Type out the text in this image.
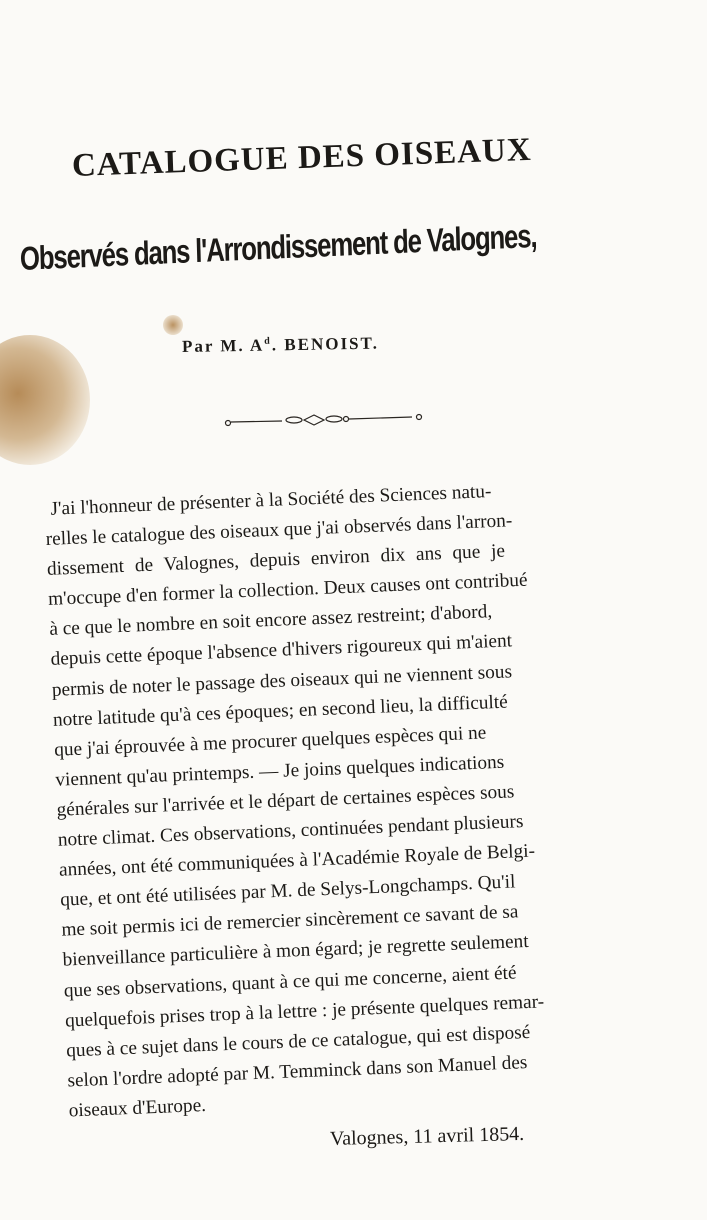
CATALOGUE DES OISEAUX
Observés dans l'Arrondissement de Valognes,
Par M. $A^d$. BENOIST.
J'ai l'honneur de présenter à la Société des Sciences natu-
relles le catalogue des oiseaux que j'ai observés dans l'arron-
dissement de Valognes, depuis environ dix ans que je
m'occupe d'en former la collection. Deux causes ont contribué
à ce que le nombre en soit encore assez restreint; d'abord,
depuis cette époque l'absence d'hivers rigoureux qui m'aient
permis de noter le passage des oiseaux qui ne viennent sous
notre latitude qu'à ces époques; en second lieu, la difficulté
que j'ai éprouvée à me procurer quelques espèces qui ne
viennent qu'au printemps. — Je joins quelques indications
générales sur l'arrivée et le départ de certaines espèces sous
notre climat. Ces observations, continuées pendant plusieurs
années, ont été communiquées à l'Académie Royale de Belgi-
que, et ont été utilisées par M. de Selys-Longchamps. Qu'il
me soit permis ici de remercier sincèrement ce savant de sa
bienveillance particulière à mon égard; je regrette seulement
que ses observations, quant à ce qui me concerne, aient été
quelquefois prises trop à la lettre : je présente quelques remar-
ques à ce sujet dans le cours de ce catalogue, qui est disposé
selon l'ordre adopté par M. Temminck dans son Manuel des
oiseaux d'Europe.
Valognes, 11 avril 1854.
